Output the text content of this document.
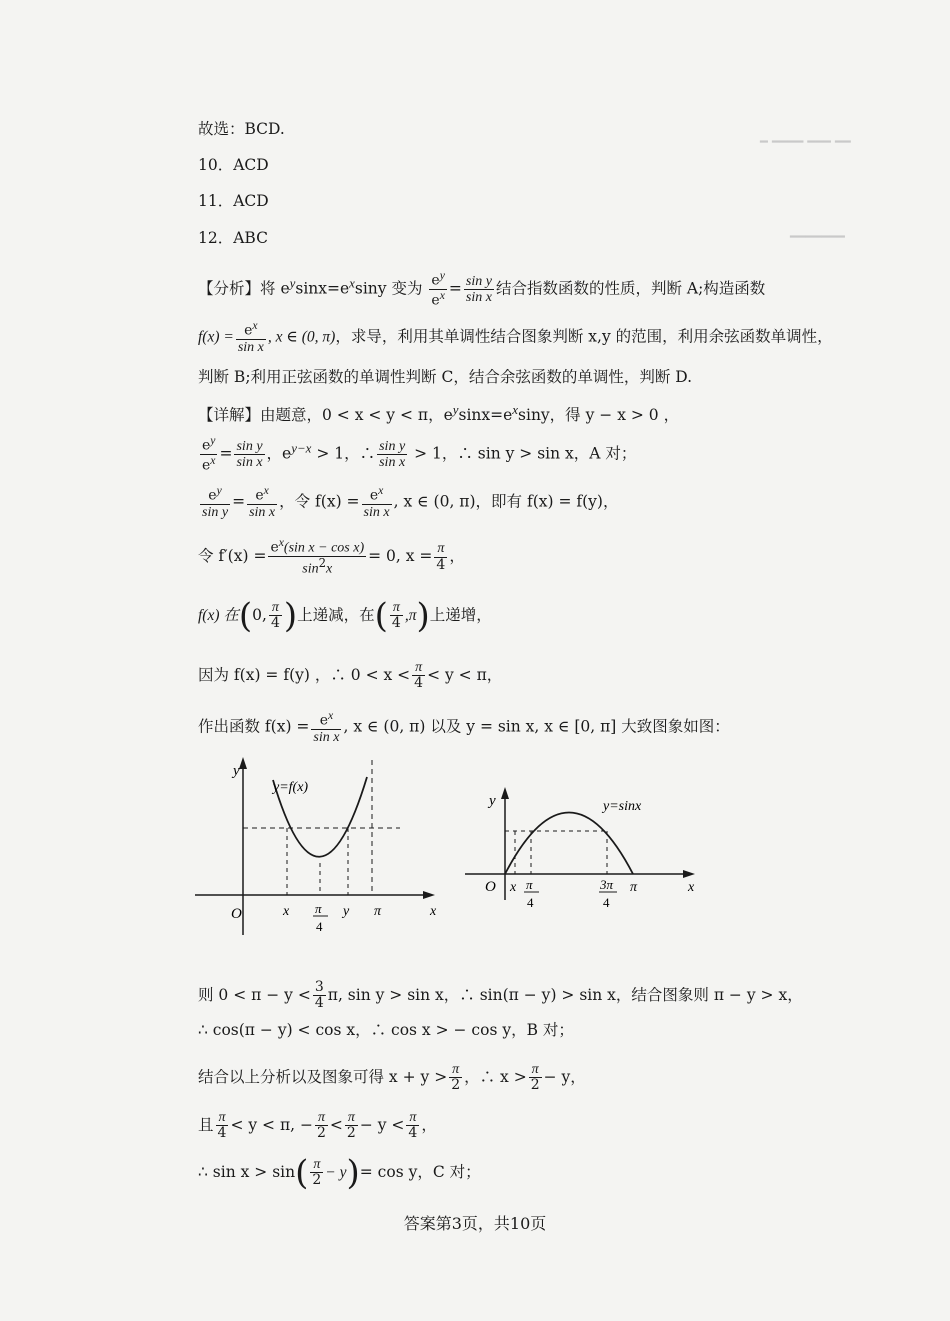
━ ━━━━ ━━━ ━━
━━━━━━━
故选：BCD.
10．ACD
11．ACD
12．ABC
【分析】将 $e^y\sin x=e^x\sin y$ 变为 $\frac{e^y}{e^x} = \frac{\text{sin y}}{\text{sin x}}$ 结合指数函数的性质，判断 A;构造函数
$f(x) = \frac{e^x}{\text{sin x}}$ , x ∈ (0, π)，求导，利用其单调性结合图象判断 x,y 的范围，利用余弦函数单调性，
判断 B;利用正弦函数的单调性判断 C，结合余弦函数的单调性，判断 D.
【详解】由题意，0 < x < y < π，$e^y\sin x=e^x\sin y$，得 y − x > 0 ，
$\frac{e^y}{e^x} = \frac{\text{sin y}}{\text{sin x}}$ ，$e^{y-x} > 1$，∴ $\frac{\text{sin y}}{\text{sin x}} > 1$，∴ sin y > sin x，A 对；
$\frac{e^y}{\text{sin y}} = \frac{e^x}{\text{sin x}}$ ，令 $f(x) = \frac{e^x}{\text{sin x}}$ , x ∈ (0, π)，即有 f(x) = f(y)，
令 $f'(x) = \frac{e^x(\sin x - \cos x)}{\sin^2x} = 0$, $x = \frac{\pi}{4}$ ，
f(x) 在(0, $\frac{\pi}{4}$ )上递减，在( $\frac{\pi}{4} ,\pi$)上递增，
因为 f(x) = f(y) ，∴ $0 < x < \frac{\pi}{4} < y < \pi$，
作出函数 $f(x) = \frac{e^x}{\text{sin x}}$ , x ∈ (0, π) 以及 y = sin x, x ∈ [0, π] 大致图象如图：
y
y=f(x)
O	x π
4
y π	x
y	y=sinx
O x π
4
3π
4
π	x
则 $0 < \pi - y < \frac{3}{4} \pi$, sin y > sin x，∴ sin(π − y) > sin x，结合图象则 π − y > x，
∴ cos(π − y) < cos x，∴ cos x > − cos y，B 对；
结合以上分析以及图象可得 $x + y > \frac{\pi}{2}$ ，∴ $x > \frac{\pi}{2} - y$，
且 $\frac{\pi}{4} < y < \pi$, − $\frac{\pi}{2} < \frac{\pi}{2} - y < \frac{\pi}{4}$ ，
∴ $\sin x > \sin( \frac{\pi}{2} - y)= \cos y$，C 对；
答案第3页，共10页
